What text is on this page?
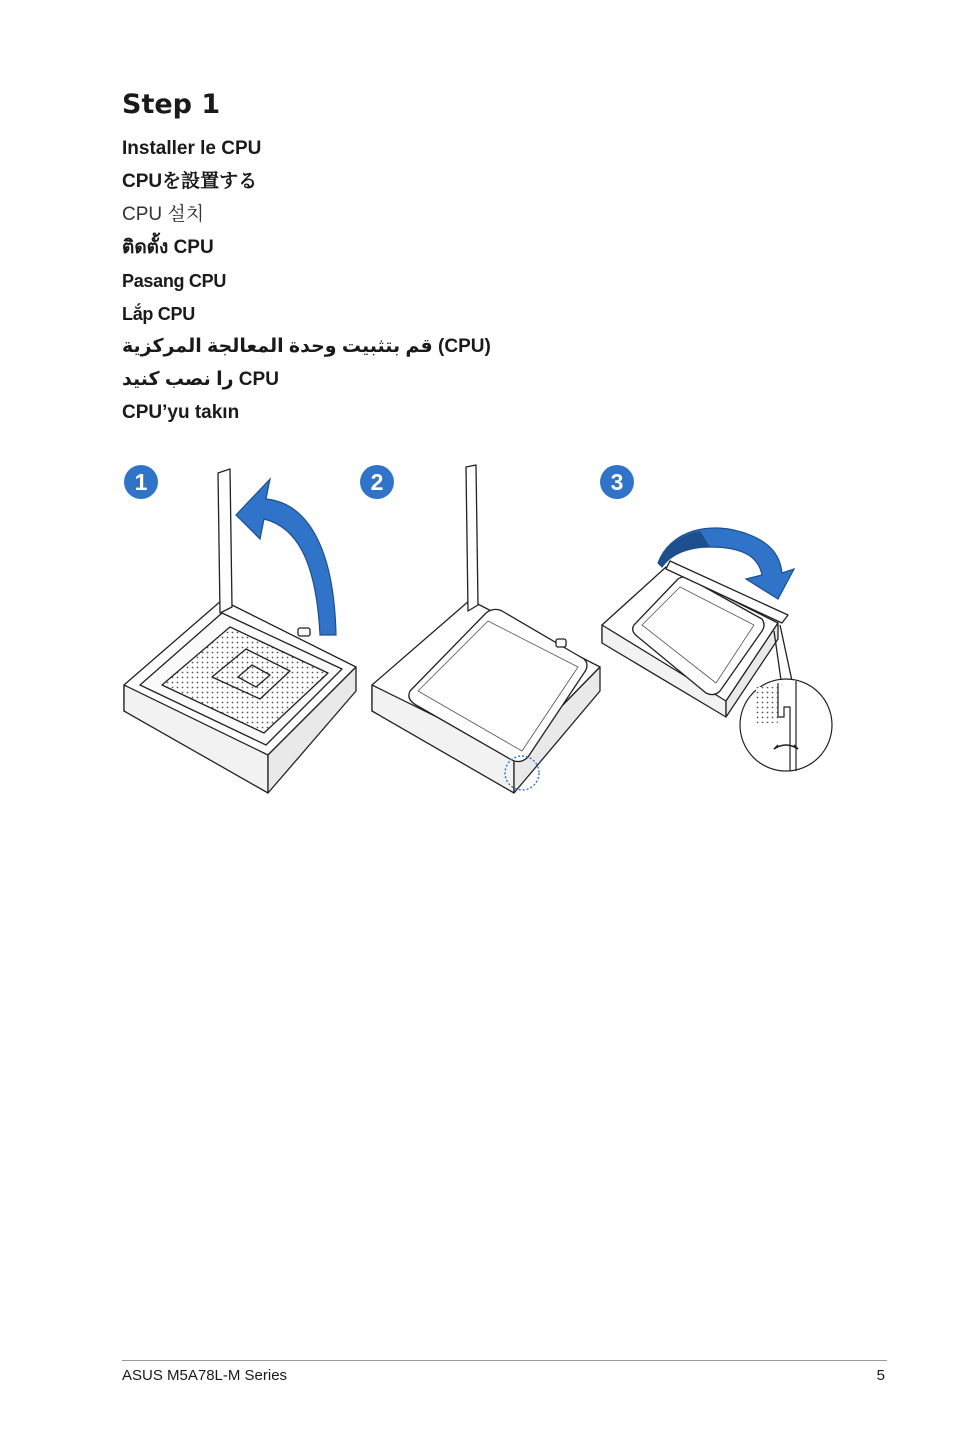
Step 1
Installer le CPU
CPUを設置する
CPU 설치
ติดตั้ง CPU
Pasang CPU
Lắp CPU
(CPU) قم بتثبيت وحدة المعالجة المركزية
CPU را نصب کنید
CPU’yu takın
1	2	3
ASUS M5A78L-M Series	5
